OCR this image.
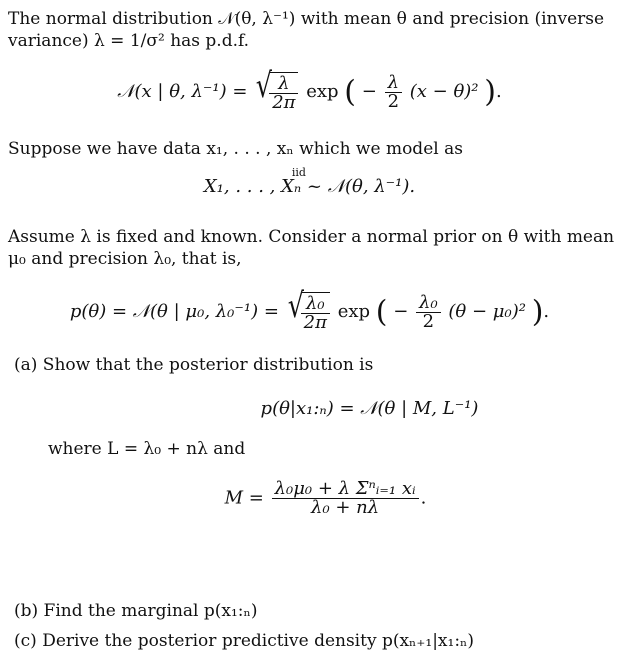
The normal distribution 𝒩(θ, λ⁻¹) with mean θ and precision (inverse
variance) λ = 1/σ² has p.d.f.
𝒩(x | θ, λ⁻¹) = √ $\frac{\lambda}{2\pi}$ exp ( − $\frac{\lambda}{2} (x - \theta)^2$ ).
Suppose we have data x₁, . . . , xₙ which we model as
X₁, . . . , Xₙ ~ 𝒩(θ, λ⁻¹).
iid
Assume λ is fixed and known. Consider a normal prior on θ with mean
μ₀ and precision λ₀, that is,
p(θ) = 𝒩(θ | μ₀, λ₀⁻¹) = √ $\frac{\text{λ₀}}{2\pi}$ exp ( − $\frac{\text{λ₀}}{2} (\theta - \mu_0)^2$ ).
(a) Show that the posterior distribution is
p(θ|x₁:ₙ) = 𝒩(θ | M, L⁻¹)
where L = λ₀ + nλ and
$M = \frac{\text{λ₀μ₀ + λ Σⁿᵢ₌₁ xᵢ}}{\text{λ₀ + nλ}}$ .
(b) Find the marginal p(x₁:ₙ)
(c) Derive the posterior predictive density p(xₙ₊₁|x₁:ₙ)
